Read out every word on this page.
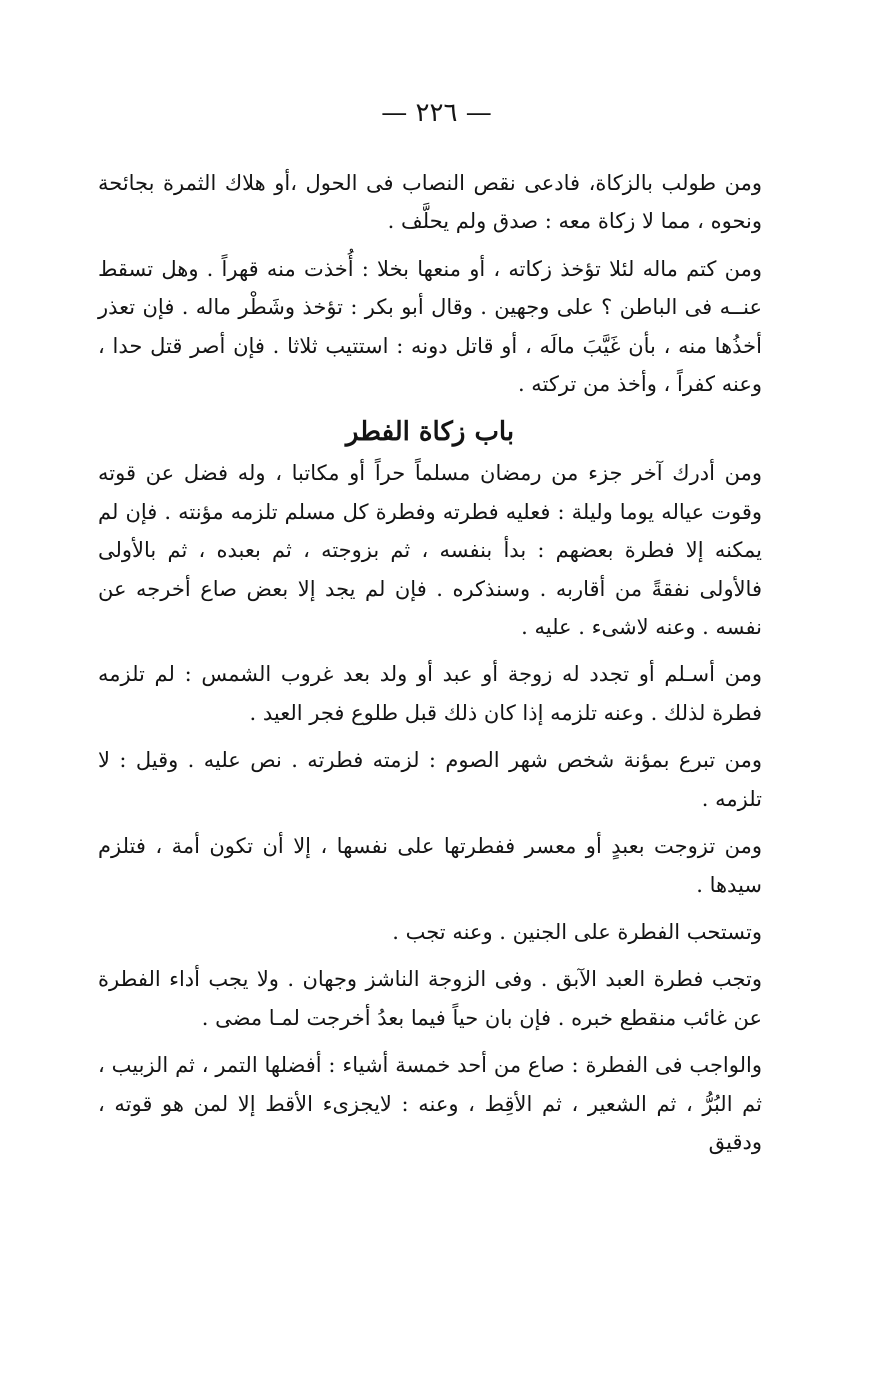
— ٢٢٦ —

ومن طولب بالزكاة، فادعى نقص النصاب فى الحول ،أو هلاك الثمرة بجائحة ونحوه ، مما لا زكاة معه : صدق ولم يحلَّف .

ومن كتم ماله لئلا تؤخذ زكاته ، أو منعها بخلا : أُخذت منه قهراً . وهل تسقط عنــه فى الباطن ؟ على وجهين . وقال أبو بكر : تؤخذ وشَطْر ماله . فإن تعذر أخذُها منه ، بأن غَيَّبَ مالَه ، أو قاتل دونه : استتيب ثلاثا . فإن أصر قتل حدا ، وعنه كفراً ، وأخذ من تركته .

باب زكاة الفطر

ومن أدرك آخر جزء من رمضان مسلماً حراً أو مكاتبا ، وله فضل عن قوته وقوت عياله يوما وليلة : فعليه فطرته وفطرة كل مسلم تلزمه مؤنته . فإن لم يمكنه إلا فطرة بعضهم : بدأ بنفسه ، ثم بزوجته ، ثم بعبده ، ثم بالأولى فالأولى نفقةً من أقاربه . وسنذكره . فإن لم يجد إلا بعض صاع أخرجه عن نفسه . وعنه لاشىء . عليه .

ومن أسـلم أو تجدد له زوجة أو عبد أو ولد بعد غروب الشمس : لم تلزمه فطرة لذلك . وعنه تلزمه إذا كان ذلك قبل طلوع فجر العيد .

ومن تبرع بمؤنة شخص شهر الصوم : لزمته فطرته . نص عليه . وقيل : لا تلزمه .

ومن تزوجت بعبدٍ أو معسر ففطرتها على نفسها ، إلا أن تكون أمة ، فتلزم سيدها .

وتستحب الفطرة على الجنين . وعنه تجب .

وتجب فطرة العبد الآبق . وفى الزوجة الناشز وجهان . ولا يجب أداء الفطرة عن غائب منقطع خبره . فإن بان حياً فيما بعدُ أخرجت لمـا مضى .

والواجب فى الفطرة : صاع من أحد خمسة أشياء : أفضلها التمر ، ثم الزبيب ، ثم البُرُّ ، ثم الشعير ، ثم الأقِط ، وعنه : لايجزىء الأقط إلا لمن هو قوته ، ودقيق
